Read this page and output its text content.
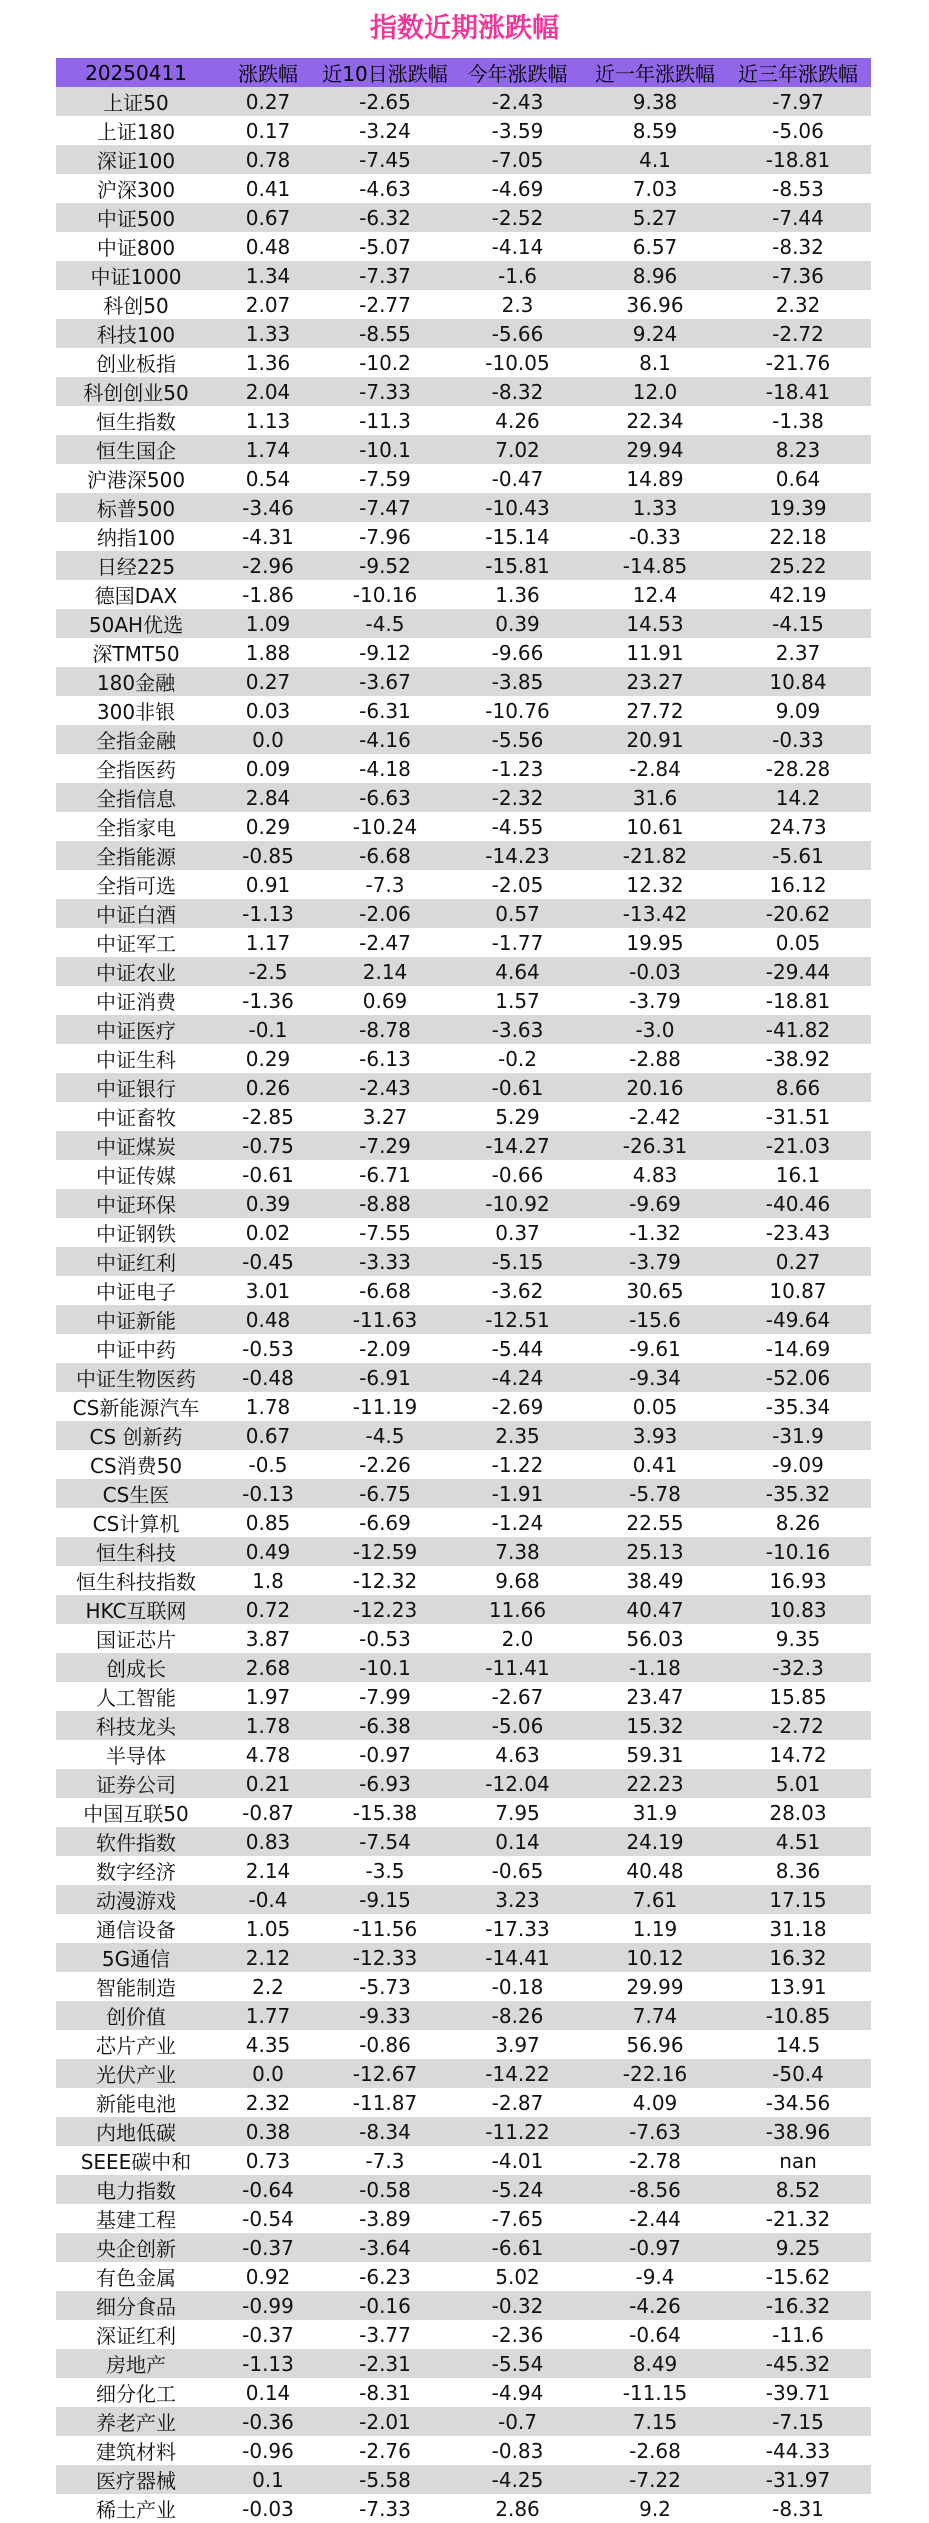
指数近期涨跌幅
20250411	涨跌幅	近10日涨跌幅	今年涨跌幅	近一年涨跌幅	近三年涨跌幅
上证50	0.27	-2.65	-2.43	9.38	-7.97
上证180	0.17	-3.24	-3.59	8.59	-5.06
深证100	0.78	-7.45	-7.05	4.1	-18.81
沪深300	0.41	-4.63	-4.69	7.03	-8.53
中证500	0.67	-6.32	-2.52	5.27	-7.44
中证800	0.48	-5.07	-4.14	6.57	-8.32
中证1000	1.34	-7.37	-1.6	8.96	-7.36
科创50	2.07	-2.77	2.3	36.96	2.32
科技100	1.33	-8.55	-5.66	9.24	-2.72
创业板指	1.36	-10.2	-10.05	8.1	-21.76
科创创业50	2.04	-7.33	-8.32	12.0	-18.41
恒生指数	1.13	-11.3	4.26	22.34	-1.38
恒生国企	1.74	-10.1	7.02	29.94	8.23
沪港深500	0.54	-7.59	-0.47	14.89	0.64
标普500	-3.46	-7.47	-10.43	1.33	19.39
纳指100	-4.31	-7.96	-15.14	-0.33	22.18
日经225	-2.96	-9.52	-15.81	-14.85	25.22
德国DAX	-1.86	-10.16	1.36	12.4	42.19
50AH优选	1.09	-4.5	0.39	14.53	-4.15
深TMT50	1.88	-9.12	-9.66	11.91	2.37
180金融	0.27	-3.67	-3.85	23.27	10.84
300非银	0.03	-6.31	-10.76	27.72	9.09
全指金融	0.0	-4.16	-5.56	20.91	-0.33
全指医药	0.09	-4.18	-1.23	-2.84	-28.28
全指信息	2.84	-6.63	-2.32	31.6	14.2
全指家电	0.29	-10.24	-4.55	10.61	24.73
全指能源	-0.85	-6.68	-14.23	-21.82	-5.61
全指可选	0.91	-7.3	-2.05	12.32	16.12
中证白酒	-1.13	-2.06	0.57	-13.42	-20.62
中证军工	1.17	-2.47	-1.77	19.95	0.05
中证农业	-2.5	2.14	4.64	-0.03	-29.44
中证消费	-1.36	0.69	1.57	-3.79	-18.81
中证医疗	-0.1	-8.78	-3.63	-3.0	-41.82
中证生科	0.29	-6.13	-0.2	-2.88	-38.92
中证银行	0.26	-2.43	-0.61	20.16	8.66
中证畜牧	-2.85	3.27	5.29	-2.42	-31.51
中证煤炭	-0.75	-7.29	-14.27	-26.31	-21.03
中证传媒	-0.61	-6.71	-0.66	4.83	16.1
中证环保	0.39	-8.88	-10.92	-9.69	-40.46
中证钢铁	0.02	-7.55	0.37	-1.32	-23.43
中证红利	-0.45	-3.33	-5.15	-3.79	0.27
中证电子	3.01	-6.68	-3.62	30.65	10.87
中证新能	0.48	-11.63	-12.51	-15.6	-49.64
中证中药	-0.53	-2.09	-5.44	-9.61	-14.69
中证生物医药	-0.48	-6.91	-4.24	-9.34	-52.06
CS新能源汽车	1.78	-11.19	-2.69	0.05	-35.34
CS 创新药	0.67	-4.5	2.35	3.93	-31.9
CS消费50	-0.5	-2.26	-1.22	0.41	-9.09
CS生医	-0.13	-6.75	-1.91	-5.78	-35.32
CS计算机	0.85	-6.69	-1.24	22.55	8.26
恒生科技	0.49	-12.59	7.38	25.13	-10.16
恒生科技指数	1.8	-12.32	9.68	38.49	16.93
HKC互联网	0.72	-12.23	11.66	40.47	10.83
国证芯片	3.87	-0.53	2.0	56.03	9.35
创成长	2.68	-10.1	-11.41	-1.18	-32.3
人工智能	1.97	-7.99	-2.67	23.47	15.85
科技龙头	1.78	-6.38	-5.06	15.32	-2.72
半导体	4.78	-0.97	4.63	59.31	14.72
证券公司	0.21	-6.93	-12.04	22.23	5.01
中国互联50	-0.87	-15.38	7.95	31.9	28.03
软件指数	0.83	-7.54	0.14	24.19	4.51
数字经济	2.14	-3.5	-0.65	40.48	8.36
动漫游戏	-0.4	-9.15	3.23	7.61	17.15
通信设备	1.05	-11.56	-17.33	1.19	31.18
5G通信	2.12	-12.33	-14.41	10.12	16.32
智能制造	2.2	-5.73	-0.18	29.99	13.91
创价值	1.77	-9.33	-8.26	7.74	-10.85
芯片产业	4.35	-0.86	3.97	56.96	14.5
光伏产业	0.0	-12.67	-14.22	-22.16	-50.4
新能电池	2.32	-11.87	-2.87	4.09	-34.56
内地低碳	0.38	-8.34	-11.22	-7.63	-38.96
SEEE碳中和	0.73	-7.3	-4.01	-2.78	nan
电力指数	-0.64	-0.58	-5.24	-8.56	8.52
基建工程	-0.54	-3.89	-7.65	-2.44	-21.32
央企创新	-0.37	-3.64	-6.61	-0.97	9.25
有色金属	0.92	-6.23	5.02	-9.4	-15.62
细分食品	-0.99	-0.16	-0.32	-4.26	-16.32
深证红利	-0.37	-3.77	-2.36	-0.64	-11.6
房地产	-1.13	-2.31	-5.54	8.49	-45.32
细分化工	0.14	-8.31	-4.94	-11.15	-39.71
养老产业	-0.36	-2.01	-0.7	7.15	-7.15
建筑材料	-0.96	-2.76	-0.83	-2.68	-44.33
医疗器械	0.1	-5.58	-4.25	-7.22	-31.97
稀土产业	-0.03	-7.33	2.86	9.2	-8.31
